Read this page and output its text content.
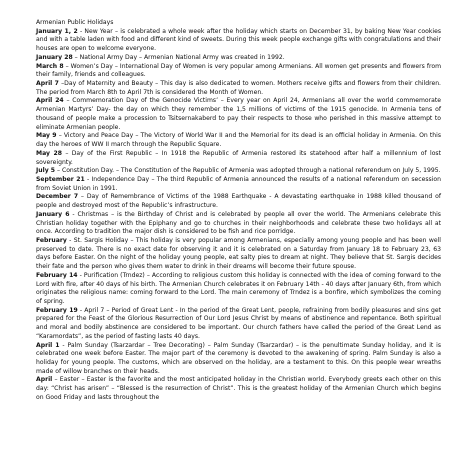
Armenian Public Holidays

January 1, 2 - New Year – is celebrated a whole week after the holiday which starts on December 31, by baking New Year cookies and with a table laden with food and different kind of sweets. During this week people exchange gifts with congratulations and their houses are open to welcome everyone.

January 28 – National Army Day – Armenian National Army was created in 1992.

March 8 – Women’s Day – International Day of Women is very popular among Armenians. All women get presents and flowers from their family, friends and colleagues.

April 7 –Day of Maternity and Beauty – This day is also dedicated to women. Mothers receive gifts and flowers from their children. The period from March 8th to April 7th is considered the Month of Women.

April 24 – Commemoration Day of the Genocide Victims’ – Every year on April 24, Armenians all over the world commemorate Armenian Martyrs’ Day- the day on which they remember the 1,5 millions of victims of the 1915 genocide. In Armenia tens of thousand of people make a procession to Tsitsernakaberd to pay their respects to those who perished in this massive attempt to eliminate Armenian people.

May 9 – Victory and Peace Day – The Victory of World War II and the Memorial for its dead is an official holiday in Armenia. On this day the heroes of WW II march through the Republic Square.

May 28 – Day of the First Republic – In 1918 the Republic of Armenia restored its statehood after half a millennium of lost sovereignty.

July 5 – Constitution Day. – The Constitution of the Republic of Armenia was adopted through a national referendum on July 5, 1995.

September 21 - Independence Day – The third Republic of Armenia announced the results of a national referendum on secession from Soviet Union in 1991.

December 7 – Day of Remembrance of Victims of the 1988 Earthquake - A devastating earthquake in 1988 killed thousand of people and destroyed most of the Republic’s infrastructure.

January 6 - Christmas – is the Birthday of Christ and is celebrated by people all over the world. The Armenians celebrate this Christian holiday together with the Epiphany and go to churches in their neighborhoods and celebrate these two holidays all at once. According to tradition the major dish is considered to be fish and rice porridge.

February - St. Sargis Holiday – This holiday is very popular among Armenians, especially among young people and has been well preserved to date. There is no exact date for observing it and it is celebrated on a Saturday from January 18 to February 23, 63 days before Easter. On the night of the holiday young people, eat salty pies to dream at night. They believe that St. Sargis decides their fate and the person who gives them water to drink in their dreams will become their future spouse.

February 14 - Purification (Trndez) – According to religious custom this holiday is connected with the idea of coming forward to the Lord with fire, after 40 days of his birth. The Armenian Church celebrates it on February 14th - 40 days after January 6th, from which originates the religious name: coming forward to the Lord. The main ceremony of Trndez is a bonfire, which symbolizes the coming of spring.

February 19 - April 7 – Period of Great Lent - In the period of the Great Lent, people, refraining from bodily pleasures and sins get prepared for the Feast of the Glorious Resurrection of Our Lord Jesus Christ by means of abstinence and repentance. Both spiritual and moral and bodily abstinence are considered to be important. Our church fathers have called the period of the Great Lend as “Karamordats”, as the period of fasting lasts 40 days.

April 1 - Palm Sunday (Tsarzardar – Tree Decorating) – Palm Sunday (Tsarzardar) – is the penultimate Sunday holiday, and it is celebrated one week before Easter. The major part of the ceremony is devoted to the awakening of spring. Palm Sunday is also a holiday for young people. The customs, which are observed on the holiday, are a testament to this. On this people wear wreaths made of willow branches on their heads.

April – Easter – Easter is the favorite and the most anticipated holiday in the Christian world. Everybody greets each other on this day: “Christ has arisen” – “Blessed is the resurrection of Christ”. This is the greatest holiday of the Armenian Church which begins on Good Friday and lasts throughout the
